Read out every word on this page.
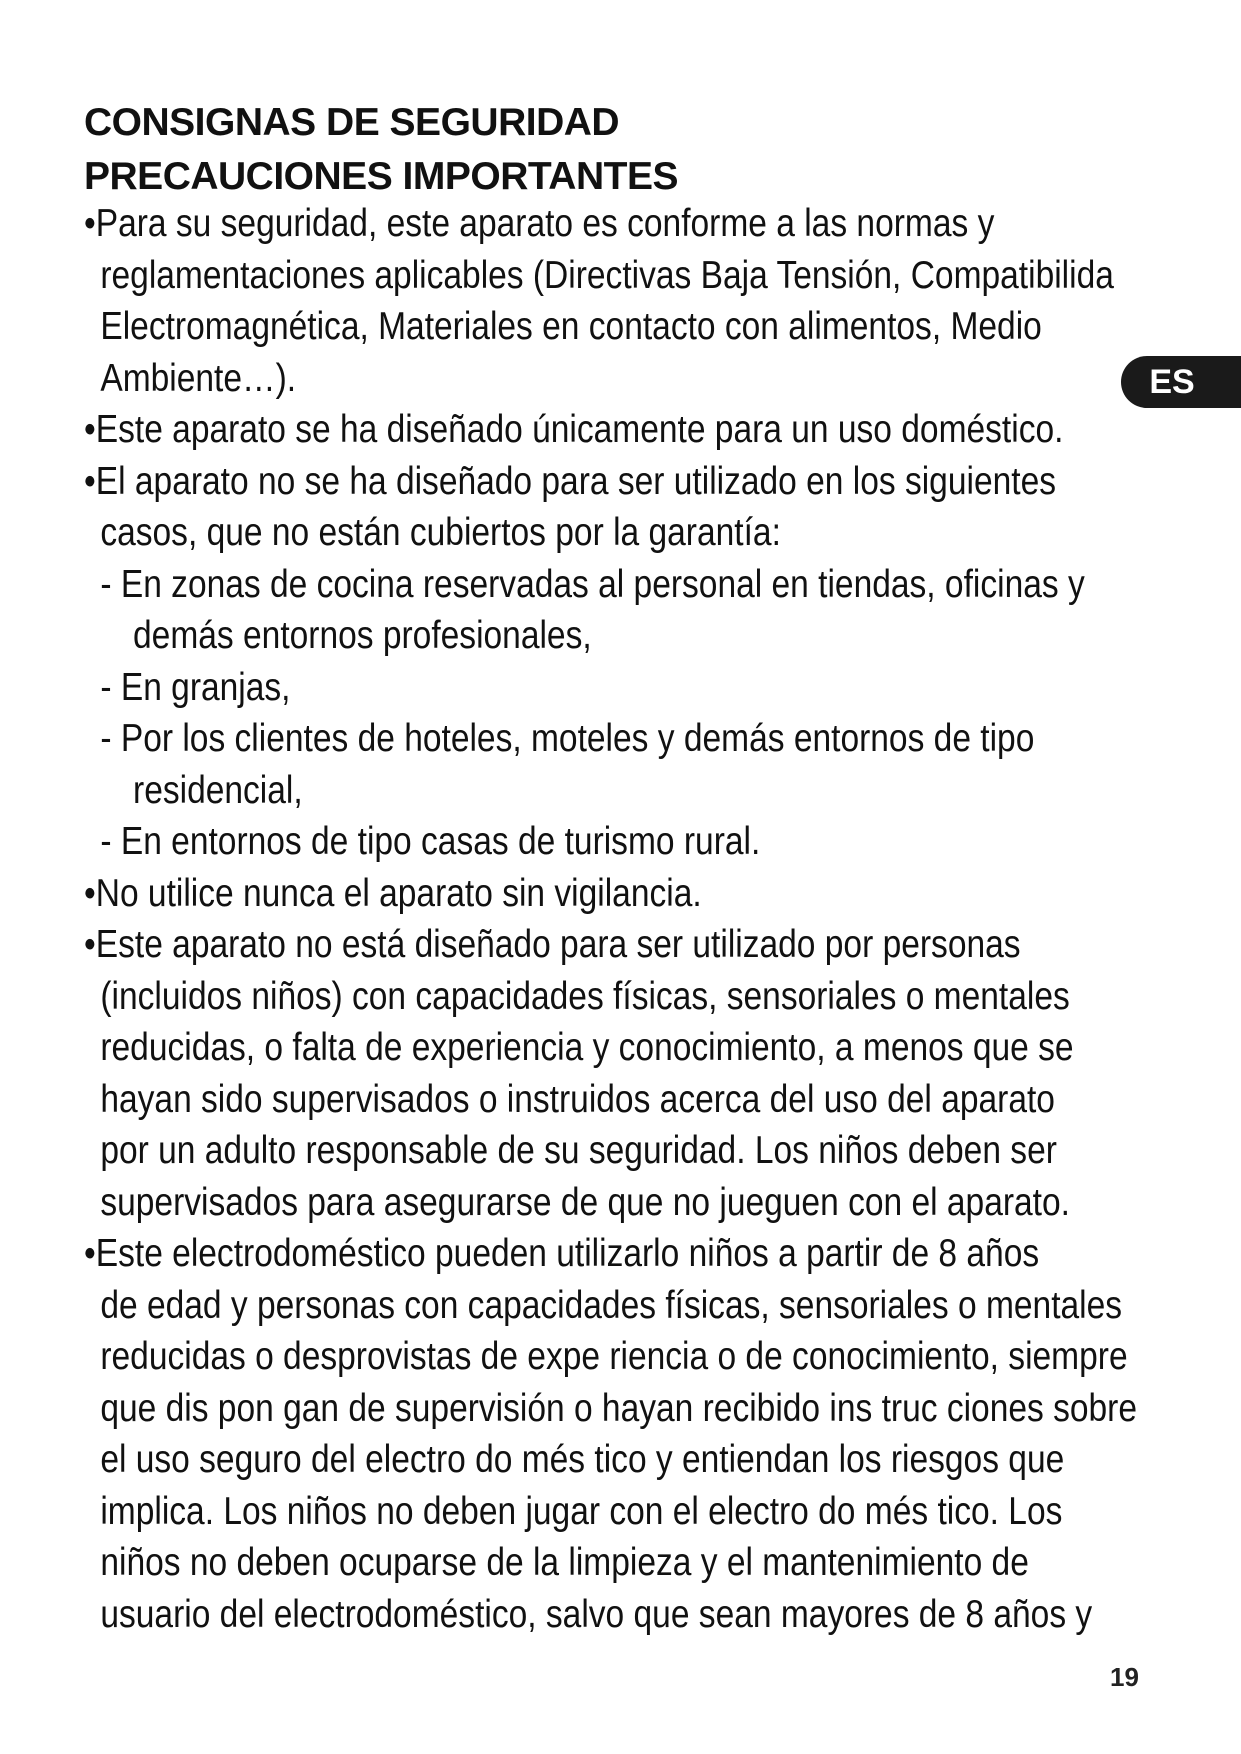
CONSIGNAS DE SEGURIDAD
PRECAUCIONES IMPORTANTES
•Para su seguridad, este aparato es conforme a las normas y
reglamentaciones aplicables (Directivas Baja Tensión, Compatibilida
Electromagnética, Materiales en contacto con alimentos, Medio
Ambiente…).
•Este aparato se ha diseñado únicamente para un uso doméstico.
•El aparato no se ha diseñado para ser utilizado en los siguientes
casos, que no están cubiertos por la garantía:
- En zonas de cocina reservadas al personal en tiendas, oficinas y
demás entornos profesionales,
- En granjas,
- Por los clientes de hoteles, moteles y demás entornos de tipo
residencial,
- En entornos de tipo casas de turismo rural.
•No utilice nunca el aparato sin vigilancia.
•Este aparato no está diseñado para ser utilizado por personas
(incluidos niños) con capacidades físicas, sensoriales o mentales
reducidas, o falta de experiencia y conocimiento, a menos que se
hayan sido supervisados o instruidos acerca del uso del aparato
por un adulto responsable de su seguridad. Los niños deben ser
supervisados para asegurarse de que no jueguen con el aparato.
•Este electrodoméstico pueden utilizarlo niños a partir de 8 años
de edad y personas con capacidades físicas, sensoriales o mentales
reducidas o desprovistas de expe riencia o de conocimiento, siempre
que dis pon gan de supervisión o hayan recibido ins truc ciones sobre
el uso seguro del electro do més tico y entiendan los riesgos que
implica. Los niños no deben jugar con el electro do més tico. Los
niños no deben ocuparse de la limpieza y el mantenimiento de
usuario del electrodoméstico, salvo que sean mayores de 8 años y
ES
19
